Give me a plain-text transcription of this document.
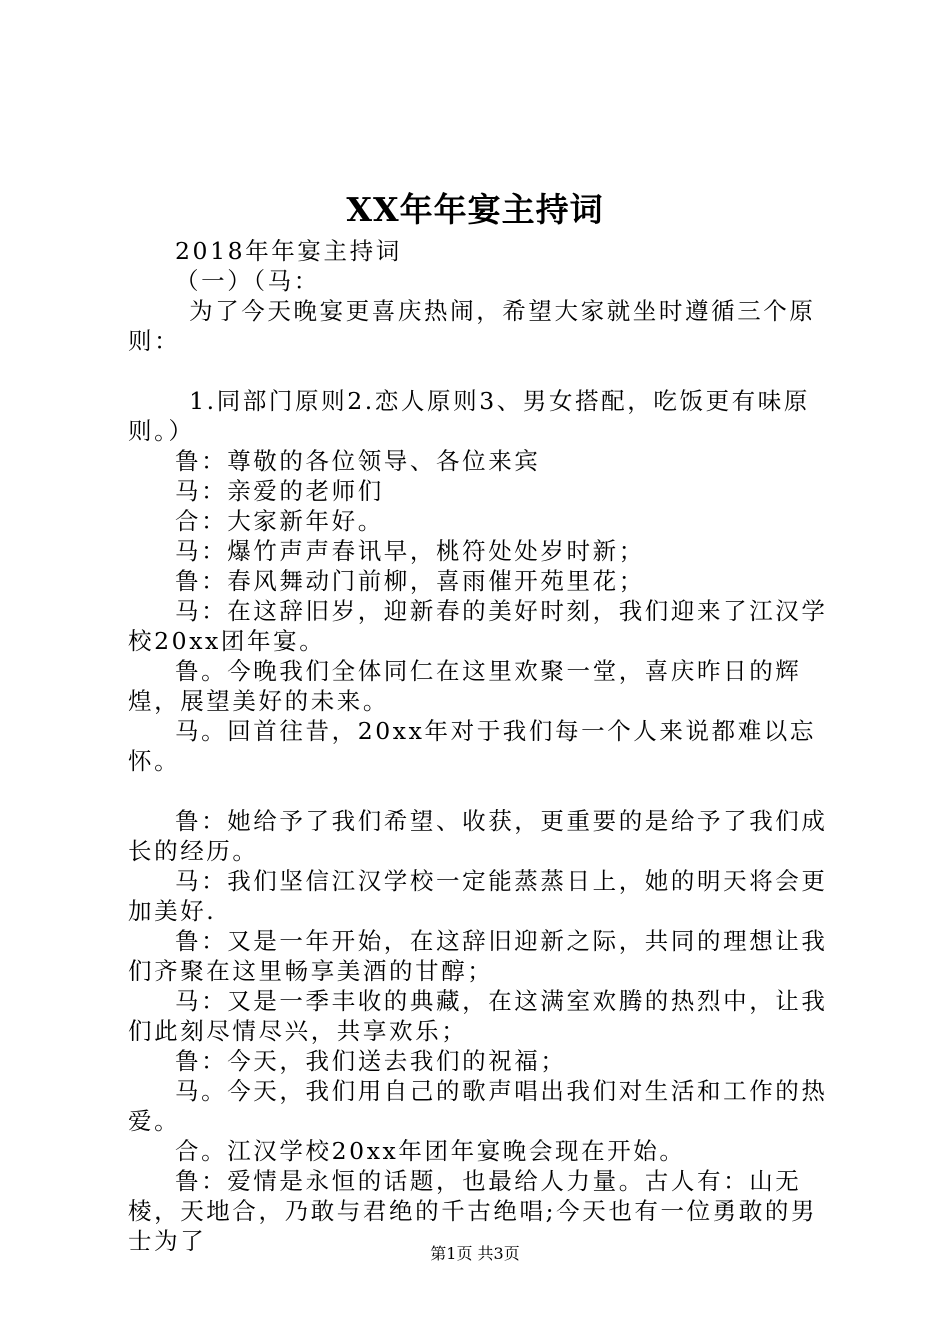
XX年年宴主持词

2018年年宴主持词

（一）（马：

为了今天晚宴更喜庆热闹，希望大家就坐时遵循三个原则：

1.同部门原则2.恋人原则3、男女搭配，吃饭更有味原则。）

鲁：尊敬的各位领导、各位来宾

马：亲爱的老师们

合：大家新年好。

马：爆竹声声春讯早，桃符处处岁时新；

鲁：春风舞动门前柳，喜雨催开苑里花；

马：在这辞旧岁，迎新春的美好时刻，我们迎来了江汉学校20xx团年宴。

鲁。今晚我们全体同仁在这里欢聚一堂，喜庆昨日的辉煌，展望美好的未来。

马。回首往昔，20xx年对于我们每一个人来说都难以忘怀。

鲁：她给予了我们希望、收获，更重要的是给予了我们成长的经历。

马：我们坚信江汉学校一定能蒸蒸日上，她的明天将会更加美好.

鲁：又是一年开始，在这辞旧迎新之际，共同的理想让我们齐聚在这里畅享美酒的甘醇；

马：又是一季丰收的典藏，在这满室欢腾的热烈中，让我们此刻尽情尽兴，共享欢乐；

鲁：今天，我们送去我们的祝福；

马。今天，我们用自己的歌声唱出我们对生活和工作的热爱。

合。江汉学校20xx年团年宴晚会现在开始。

鲁：爱情是永恒的话题，也最给人力量。古人有：山无棱，天地合，乃敢与君绝的千古绝唱;今天也有一位勇敢的男士为了	第1页 共3页
